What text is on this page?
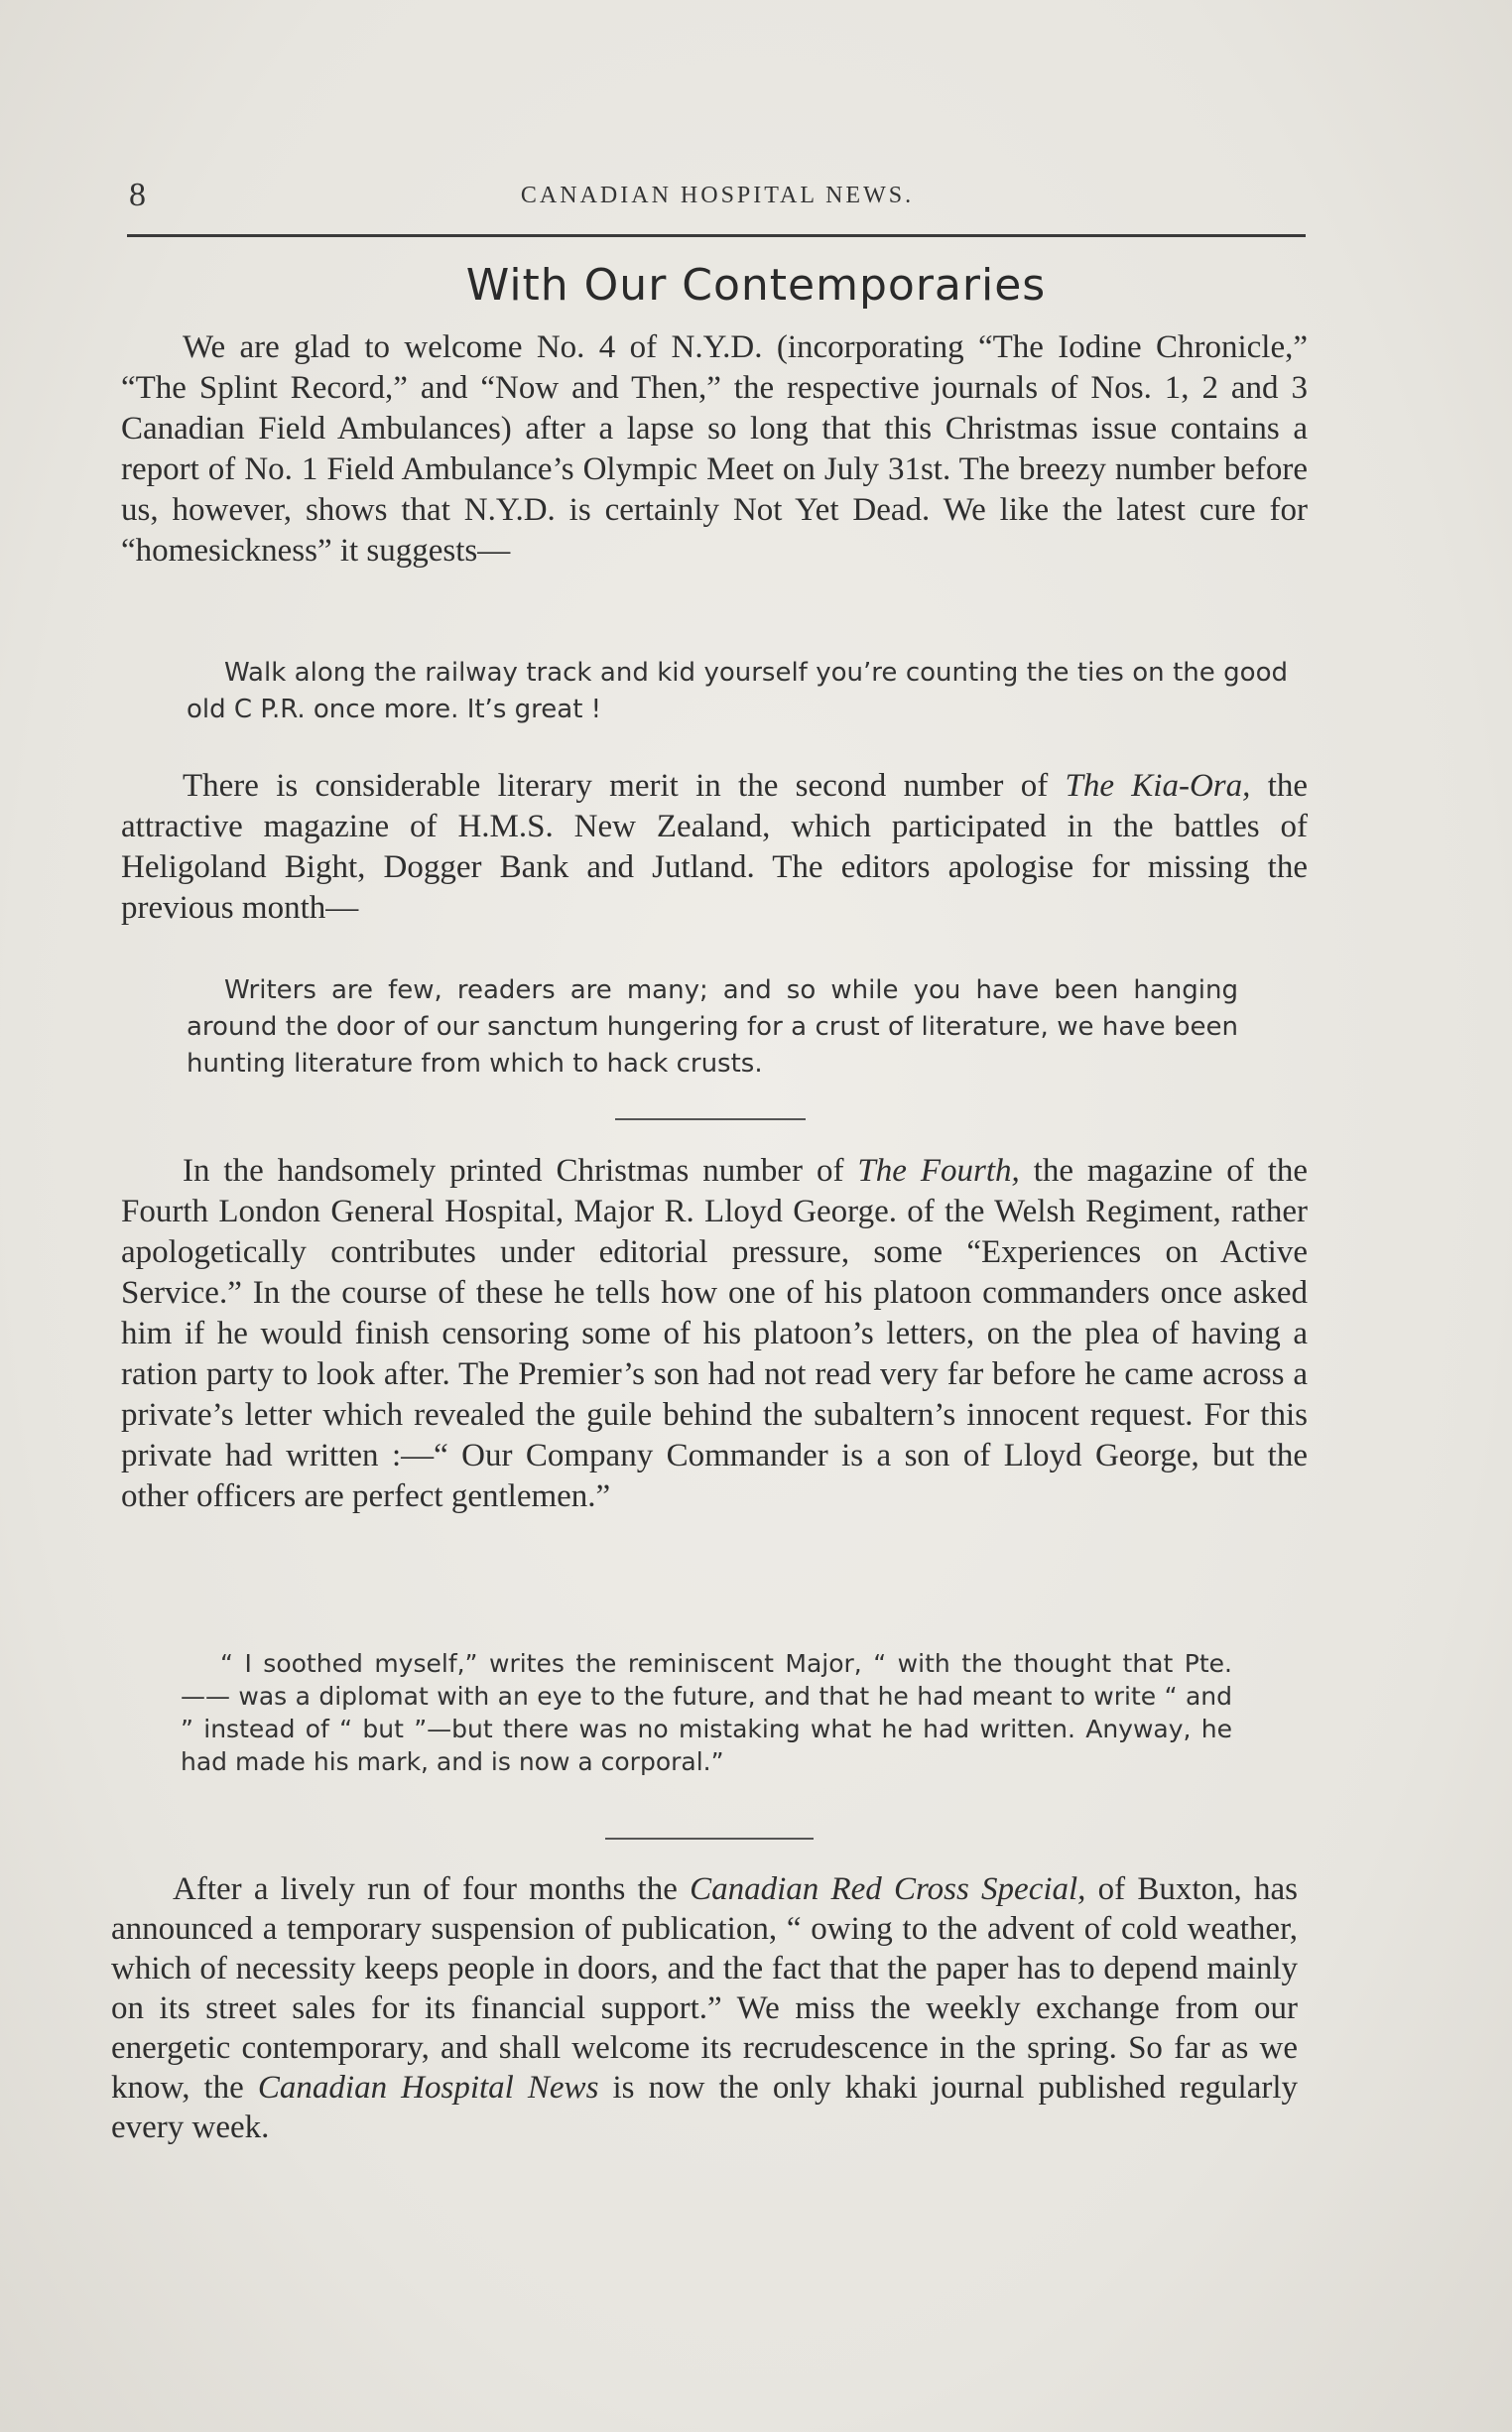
8	CANADIAN HOSPITAL NEWS.
With Our Contemporaries

We are glad to welcome No. 4 of N.Y.D. (incorporating “The Iodine Chronicle,” “The Splint Record,” and “Now and Then,” the respective journals of Nos. 1, 2 and 3 Canadian Field Ambulances) after a lapse so long that this Christmas issue contains a report of No. 1 Field Ambulance’s Olympic Meet on July 31st. The breezy number before us, however, shows that N.Y.D. is certainly Not Yet Dead. We like the latest cure for “homesickness” it suggests—

Walk along the railway track and kid yourself you’re counting the ties on the good old C P.R. once more. It’s great !

There is considerable literary merit in the second number of The Kia-Ora, the attractive magazine of H.M.S. New Zealand, which participated in the battles of Heligoland Bight, Dogger Bank and Jutland. The editors apologise for missing the previous month—

Writers are few, readers are many; and so while you have been hanging around the door of our sanctum hungering for a crust of literature, we have been hunting literature from which to hack crusts.

In the handsomely printed Christmas number of The Fourth, the magazine of the Fourth London General Hospital, Major R. Lloyd George. of the Welsh Regiment, rather apologetically contributes under editorial pressure, some “Experiences on Active Service.” In the course of these he tells how one of his platoon commanders once asked him if he would finish censoring some of his platoon’s letters, on the plea of having a ration party to look after. The Premier’s son had not read very far before he came across a private’s letter which revealed the guile behind the subaltern’s innocent request. For this private had written :—“ Our Company Commander is a son of Lloyd George, but the other officers are perfect gentlemen.”

“ I soothed myself,” writes the reminiscent Major, “ with the thought that Pte. —— was a diplomat with an eye to the future, and that he had meant to write “ and ” instead of “ but ”—but there was no mistaking what he had written. Anyway, he had made his mark, and is now a corporal.”

After a lively run of four months the Canadian Red Cross Special, of Buxton, has announced a temporary suspension of publication, “ owing to the advent of cold weather, which of necessity keeps people in doors, and the fact that the paper has to depend mainly on its street sales for its financial support.” We miss the weekly exchange from our energetic contemporary, and shall welcome its recrudescence in the spring. So far as we know, the Canadian Hospital News is now the only khaki journal published regularly every week.
